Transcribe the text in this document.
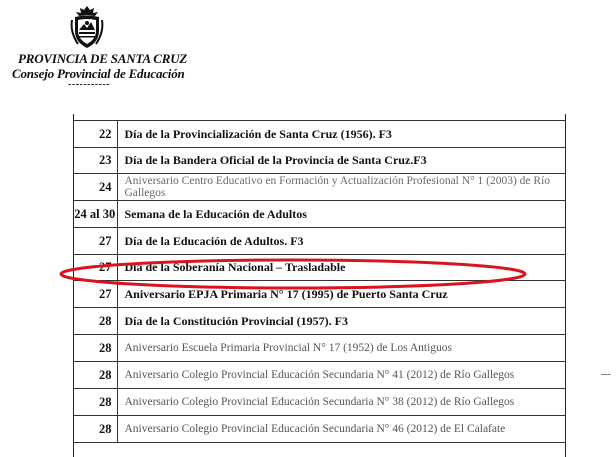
PROVINCIA DE SANTA CRUZ
Consejo Provincial de Educación
-----------
22	Día de la Provincialización de Santa Cruz (1956). F3
23	Día de la Bandera Oficial de la Provincia de Santa Cruz.F3
24	Aniversario Centro Educativo en Formación y Actualización Profesional N° 1 (2003) de Río Gallegos
24 al 30	Semana de la Educación de Adultos
27	Día de la Educación de Adultos. F3
27	Día de la Soberanía Nacional – Trasladable
27	Aniversario EPJA Primaria N° 17 (1995) de Puerto Santa Cruz
28	Día de la Constitución Provincial (1957). F3
28	Aniversario Escuela Primaria Provincial N° 17 (1952) de Los Antiguos
28	Aniversario Colegio Provincial Educación Secundaria N° 41 (2012) de Río Gallegos
28	Aniversario Colegio Provincial Educación Secundaria N° 38 (2012) de Río Gallegos
28	Aniversario Colegio Provincial Educación Secundaria N° 46 (2012) de El Calafate
